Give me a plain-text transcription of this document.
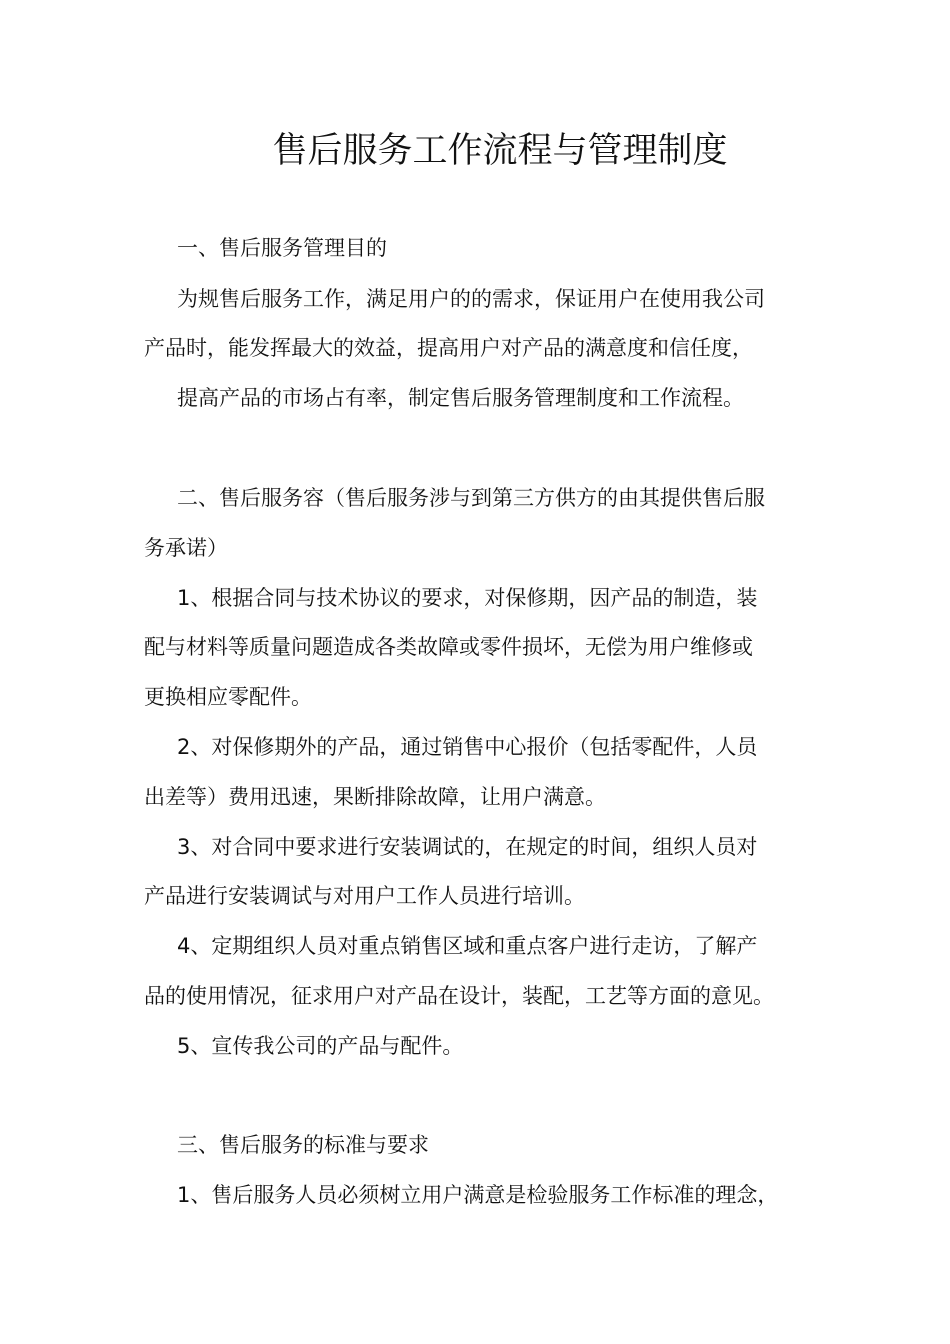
售后服务工作流程与管理制度
一、售后服务管理目的
为规售后服务工作，满足用户的的需求，保证用户在使用我公司
产品时，能发挥最大的效益，提高用户对产品的满意度和信任度，
提高产品的市场占有率，制定售后服务管理制度和工作流程。
二、售后服务容（售后服务涉与到第三方供方的由其提供售后服
务承诺）
1、根据合同与技术协议的要求，对保修期，因产品的制造，装
配与材料等质量问题造成各类故障或零件损坏，无偿为用户维修或
更换相应零配件。
2、对保修期外的产品，通过销售中心报价（包括零配件，人员
出差等）费用迅速，果断排除故障，让用户满意。
3、对合同中要求进行安装调试的，在规定的时间，组织人员对
产品进行安装调试与对用户工作人员进行培训。
4、定期组织人员对重点销售区域和重点客户进行走访，了解产
品的使用情况，征求用户对产品在设计，装配，工艺等方面的意见。
5、宣传我公司的产品与配件。
三、售后服务的标准与要求
1、售后服务人员必须树立用户满意是检验服务工作标准的理念，
